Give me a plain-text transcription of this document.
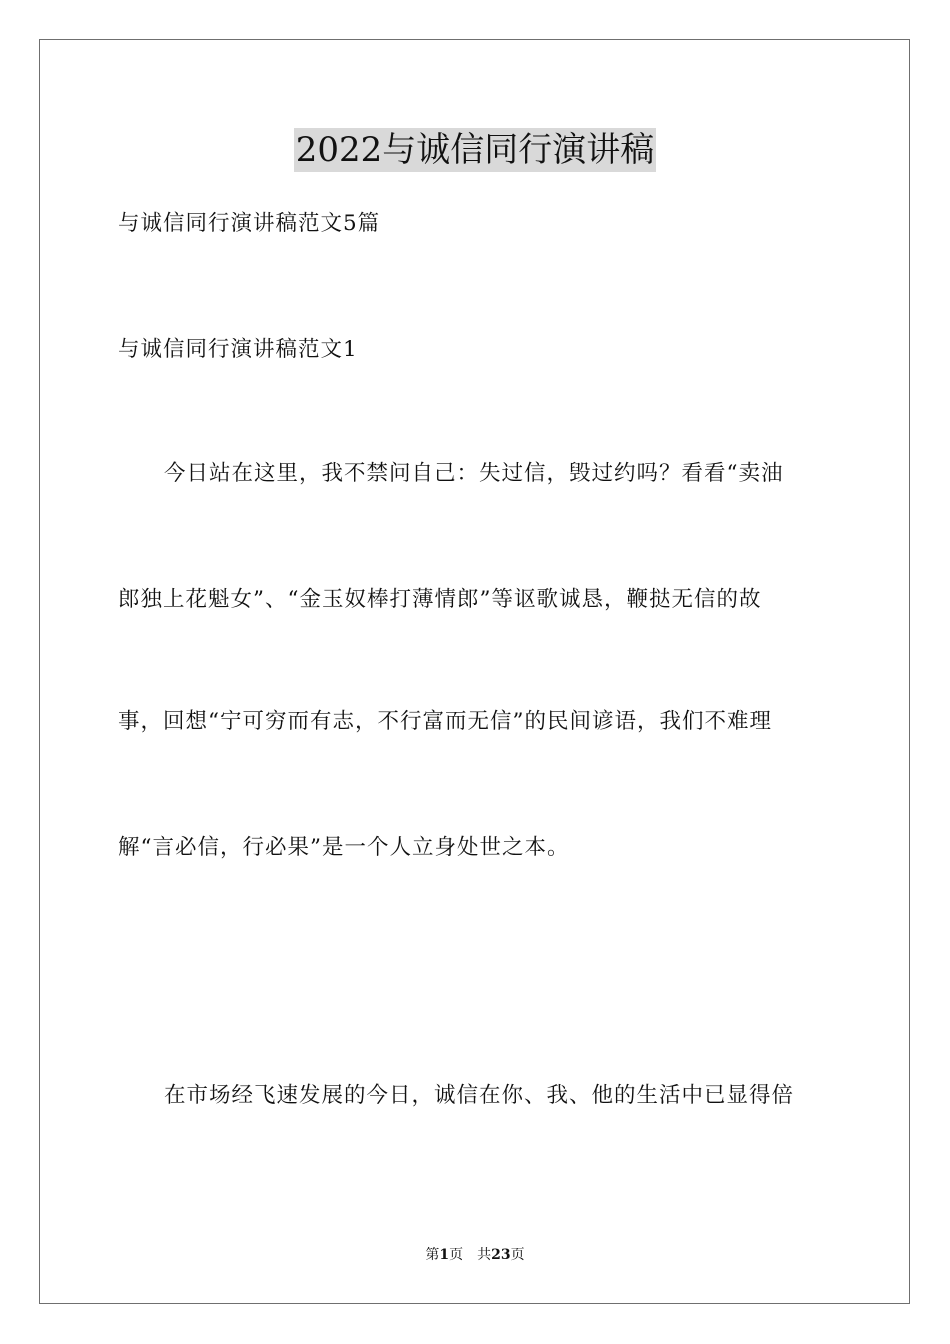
2022与诚信同行演讲稿
与诚信同行演讲稿范文5篇
与诚信同行演讲稿范文1
今日站在这里，我不禁问自己：失过信，毁过约吗？看看“卖油
郎独上花魁女”、“金玉奴棒打薄情郎”等讴歌诚恳，鞭挞无信的故
事，回想“宁可穷而有志，不行富而无信”的民间谚语，我们不难理
解“言必信，行必果”是一个人立身处世之本。
在市场经飞速发展的今日，诚信在你、我、他的生活中已显得倍
第1页　共23页
